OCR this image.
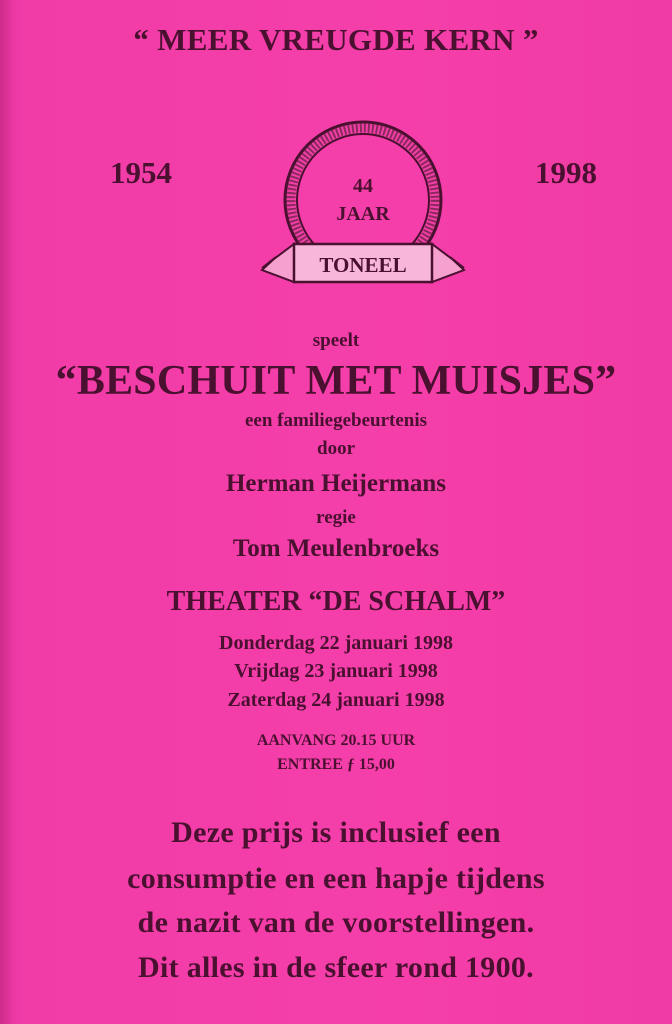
“ MEER VREUGDE KERN ”
1954	1998
44
JAAR
TONEEL
speelt
“BESCHUIT MET MUISJES”
een familiegebeurtenis
door
Herman Heijermans
regie
Tom Meulenbroeks
THEATER “DE SCHALM”
Donderdag 22 januari 1998
Vrijdag 23 januari 1998
Zaterdag 24 januari 1998
AANVANG 20.15 UUR
ENTREE ƒ 15,00
Deze prijs is inclusief een
consumptie en een hapje tijdens
de nazit van de voorstellingen.
Dit alles in de sfeer rond 1900.
